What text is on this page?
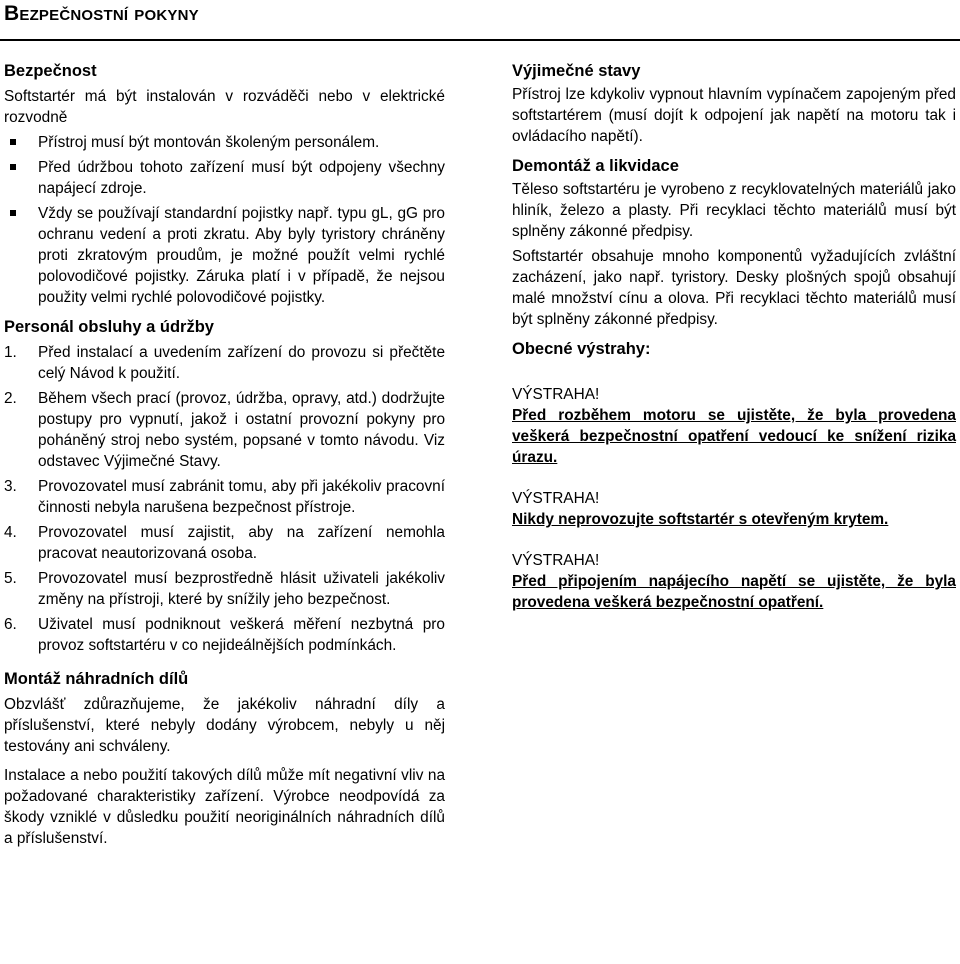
Bezpečnostní pokyny
Bezpečnost

Softstartér má být instalován v rozváděči nebo v elektrické rozvodně

Přístroj musí být montován školeným personálem.

Před údržbou tohoto zařízení musí být odpojeny všechny napájecí zdroje.

Vždy se používají standardní pojistky např. typu gL, gG pro ochranu vedení a proti zkratu. Aby byly tyristory chráněny proti zkratovým proudům, je možné použít velmi rychlé polovodičové pojistky. Záruka platí i v případě, že nejsou použity velmi rychlé polovodičové pojistky.

Personál obsluhy a údržby
1. Před instalací a uvedením zařízení do provozu si přečtěte celý Návod k použití.
2. Během všech prací (provoz, údržba, opravy, atd.) dodržujte postupy pro vypnutí, jakož i ostatní provozní pokyny pro poháněný stroj nebo systém, popsané v tomto návodu. Viz odstavec Výjimečné Stavy.
3. Provozovatel musí zabránit tomu, aby při jakékoliv pracovní činnosti nebyla narušena bezpečnost přístroje.
4. Provozovatel musí zajistit, aby na zařízení nemohla pracovat neautorizovaná osoba.
5. Provozovatel musí bezprostředně hlásit uživateli jakékoliv změny na přístroji, které by snížily jeho bezpečnost.
6. Uživatel musí podniknout veškerá měření nezbytná pro provoz softstartéru v co nejideálnějších podmínkách.
Montáž náhradních dílů

Obzvlášť zdůrazňujeme, že jakékoliv náhradní díly a příslušenství, které nebyly dodány výrobcem, nebyly u něj testovány ani schváleny.

Instalace a nebo použití takových dílů může mít negativní vliv na požadované charakteristiky zařízení. Výrobce neodpovídá za škody vzniklé v důsledku použití neoriginálních náhradních dílů a příslušenství.

Výjimečné stavy

Přístroj lze kdykoliv vypnout hlavním vypínačem zapojeným před softstartérem (musí dojít k odpojení jak napětí na motoru tak i ovládacího napětí).

Demontáž a likvidace

Těleso softstartéru je vyrobeno z recyklovatelných materiálů jako hliník, železo a plasty. Při recyklaci těchto materiálů musí být splněny zákonné předpisy.

Softstartér obsahuje mnoho komponentů vyžadujících zvláštní zacházení, jako např. tyristory. Desky plošných spojů obsahují malé množství cínu a olova. Při recyklaci těchto materiálů musí být splněny zákonné předpisy.

Obecné výstrahy:

VÝSTRAHA!

Před rozběhem motoru se ujistěte, že byla provedena veškerá bezpečnostní opatření vedoucí ke snížení rizika úrazu.

VÝSTRAHA!

Nikdy neprovozujte softstartér s otevřeným krytem.

VÝSTRAHA!

Před připojením napájecího napětí se ujistěte, že byla provedena veškerá bezpečnostní opatření.
